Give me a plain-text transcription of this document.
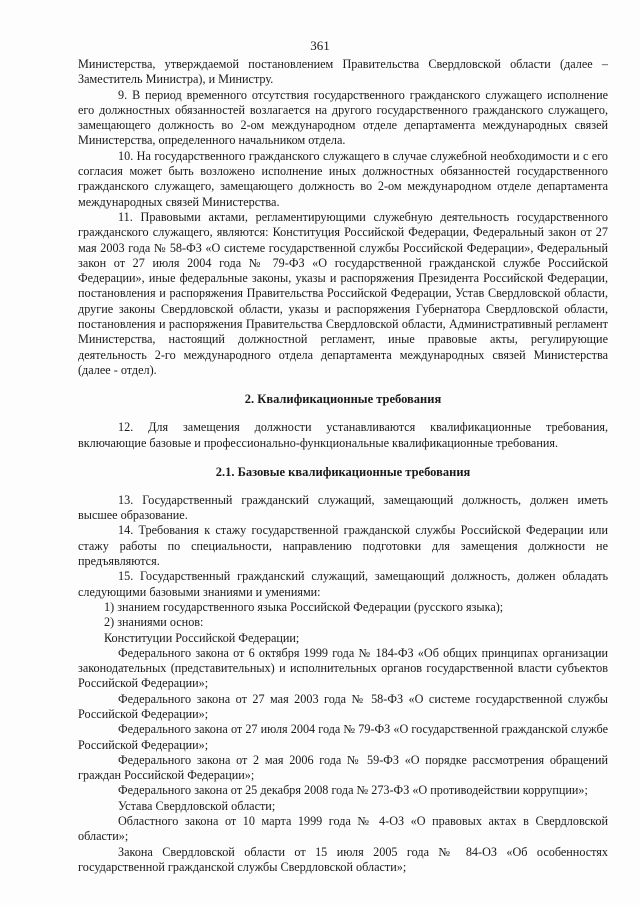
361

Министерства, утверждаемой постановлением Правительства Свердловской области (далее – Заместитель Министра), и Министру.

9. В период временного отсутствия государственного гражданского служащего исполнение его должностных обязанностей возлагается на другого государственного гражданского служащего, замещающего должность во 2-ом международном отделе департамента международных связей Министерства, определенного начальником отдела.

10. На государственного гражданского служащего в случае служебной необходимости и с его согласия может быть возложено исполнение иных должностных обязанностей государственного гражданского служащего, замещающего должность во 2-ом международном отделе департамента международных связей Министерства.

11. Правовыми актами, регламентирующими служебную деятельность государственного гражданского служащего, являются: Конституция Российской Федерации, Федеральный закон от 27 мая 2003 года № 58-ФЗ «О системе государственной службы Российской Федерации», Федеральный закон от 27 июля 2004 года № 79-ФЗ «О государственной гражданской службе Российской Федерации», иные федеральные законы, указы и распоряжения Президента Российской Федерации, постановления и распоряжения Правительства Российской Федерации, Устав Свердловской области, другие законы Свердловской области, указы и распоряжения Губернатора Свердловской области, постановления и распоряжения Правительства Свердловской области, Административный регламент Министерства, настоящий должностной регламент, иные правовые акты, регулирующие деятельность 2-го международного отдела департамента международных связей Министерства (далее - отдел).

2. Квалификационные требования

12. Для замещения должности устанавливаются квалификационные требования, включающие базовые и профессионально-функциональные квалификационные требования.

2.1. Базовые квалификационные требования

13. Государственный гражданский служащий, замещающий должность, должен иметь высшее образование.

14. Требования к стажу государственной гражданской службы Российской Федерации или стажу работы по специальности, направлению подготовки для замещения должности не предъявляются.

15. Государственный гражданский служащий, замещающий должность, должен обладать следующими базовыми знаниями и умениями:

1) знанием государственного языка Российской Федерации (русского языка);

2) знаниями основ:

Конституции Российской Федерации;

Федерального закона от 6 октября 1999 года № 184-ФЗ «Об общих принципах организации законодательных (представительных) и исполнительных органов государственной власти субъектов Российской Федерации»;

Федерального закона от 27 мая 2003 года № 58-ФЗ «О системе государственной службы Российской Федерации»;

Федерального закона от 27 июля 2004 года № 79-ФЗ «О государственной гражданской службе Российской Федерации»;

Федерального закона от 2 мая 2006 года № 59-ФЗ «О порядке рассмотрения обращений граждан Российской Федерации»;

Федерального закона от 25 декабря 2008 года № 273-ФЗ «О противодействии коррупции»;

Устава Свердловской области;

Областного закона от 10 марта 1999 года № 4-ОЗ «О правовых актах в Свердловской области»;

Закона Свердловской области от 15 июля 2005 года № 84-ОЗ «Об особенностях государственной гражданской службы Свердловской области»;
